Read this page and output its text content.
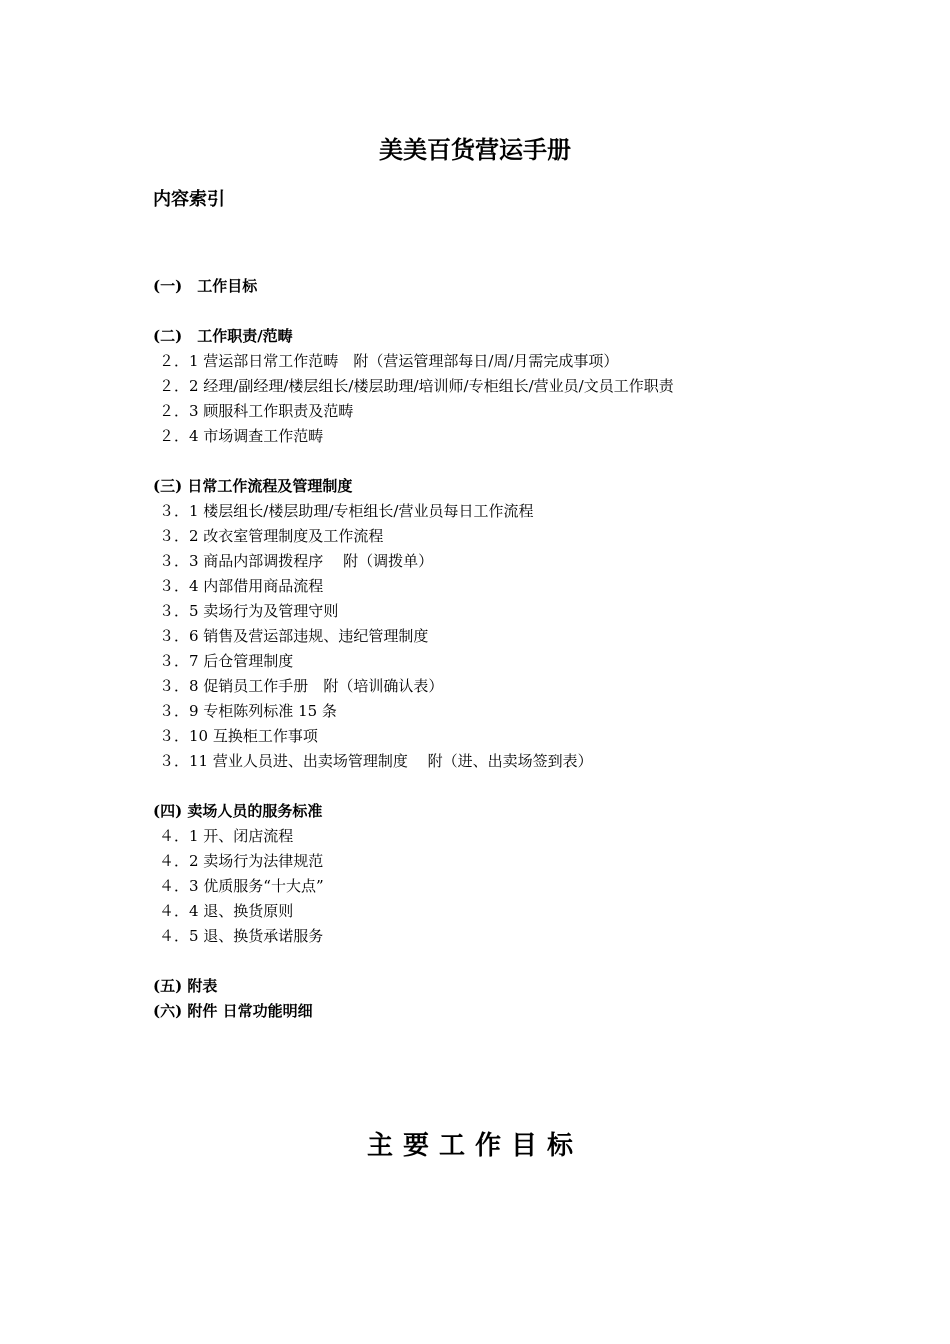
美美百货营运手册
内容索引
(一)　工作目标
(二)　工作职责/范畴
２．1 营运部日常工作范畴　附（营运管理部每日/周/月需完成事项）
２．2 经理/副经理/楼层组长/楼层助理/培训师/专柜组长/营业员/文员工作职责
２．3 顾服科工作职责及范畴
２．4 市场调查工作范畴
(三) 日常工作流程及管理制度
３．1 楼层组长/楼层助理/专柜组长/营业员每日工作流程
３．2 改衣室管理制度及工作流程
３．3 商品内部调拨程序　 附（调拨单）
３．4 内部借用商品流程
３．5 卖场行为及管理守则
３．6 销售及营运部违规、违纪管理制度
３．7 后仓管理制度
３．8 促销员工作手册　附（培训确认表）
３．9 专柜陈列标准 15 条
３．10 互换柜工作事项
３．11 营业人员进、出卖场管理制度　 附（进、出卖场签到表）
(四) 卖场人员的服务标准
４．1 开、闭店流程
４．2 卖场行为法律规范
４．3 优质服务“十大点”
４．4 退、换货原则
４．5 退、换货承诺服务
(五) 附表
(六) 附件 日常功能明细
主要工作目标
